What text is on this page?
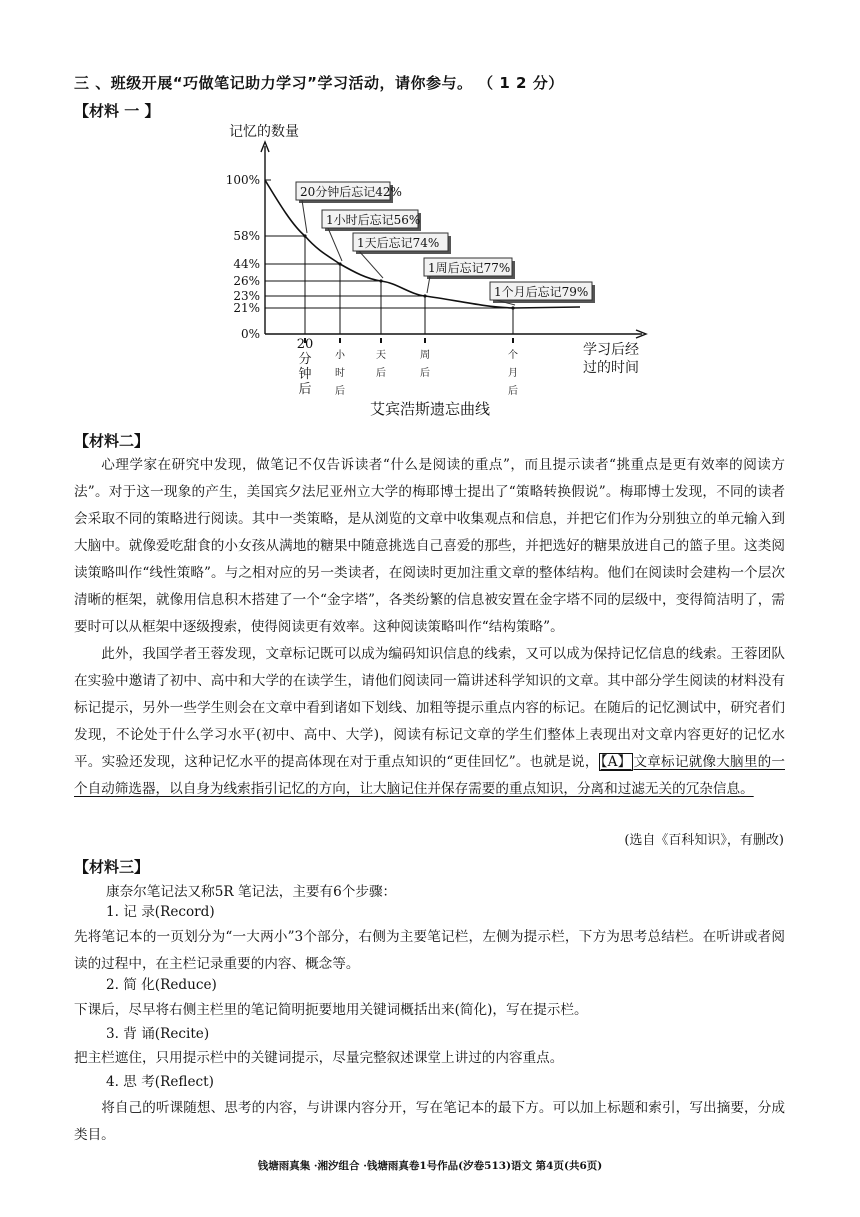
三 、班级开展“巧做笔记助力学习”学习活动，请你参与。 （ 1 2 分）
【材料 一 】
记忆的数量
学习后经
过的时间
100%
58%
44%
26%
23%
21%
0%
20
分
钟
后
小
时
后
天
后
周
后
个
月
后
20分钟后忘记42%
1小时后忘记56%
1天后忘记74%
1周后忘记77%
1个月后忘记79%
艾宾浩斯遗忘曲线
【材料二】

心理学家在研究中发现，做笔记不仅告诉读者“什么是阅读的重点”，而且提示读者“挑重点是更有效率的阅读方法”。对于这一现象的产生，美国宾夕法尼亚州立大学的梅耶博士提出了“策略转换假说”。梅耶博士发现，不同的读者会采取不同的策略进行阅读。其中一类策略，是从浏览的文章中收集观点和信息，并把它们作为分别独立的单元输入到大脑中。就像爱吃甜食的小女孩从满地的糖果中随意挑选自己喜爱的那些，并把选好的糖果放进自己的篮子里。这类阅读策略叫作“线性策略”。与之相对应的另一类读者，在阅读时更加注重文章的整体结构。他们在阅读时会建构一个层次清晰的框架，就像用信息积木搭建了一个“金字塔”，各类纷繁的信息被安置在金字塔不同的层级中，变得简洁明了，需要时可以从框架中逐级搜索，使得阅读更有效率。这种阅读策略叫作“结构策略”。

此外，我国学者王蓉发现，文章标记既可以成为编码知识信息的线索，又可以成为保持记忆信息的线索。王蓉团队在实验中邀请了初中、高中和大学的在读学生，请他们阅读同一篇讲述科学知识的文章。其中部分学生阅读的材料没有标记提示，另外一些学生则会在文章中看到诸如下划线、加粗等提示重点内容的标记。在随后的记忆测试中，研究者们发现，不论处于什么学习水平(初中、高中、大学)，阅读有标记文章的学生们整体上表现出对文章内容更好的记忆水平。实验还发现，这种记忆水平的提高体现在对于重点知识的“更佳回忆”。也就是说， 【A】 文章标记就像大脑里的一个自动筛选器，以自身为线索指引记忆的方向，让大脑记住并保存需要的重点知识，分离和过滤无关的冗杂信息。

(选自《百科知识》，有删改)
【材料三】
康奈尔笔记法又称5R 笔记法，主要有6个步骤：
1. 记 录(Record)
先将笔记本的一页划分为“一大两小”3个部分，右侧为主要笔记栏，左侧为提示栏，下方为思考总结栏。在听讲或者阅读的过程中，在主栏记录重要的内容、概念等。
2. 简 化(Reduce)
下课后，尽早将右侧主栏里的笔记简明扼要地用关键词概括出来(简化)，写在提示栏。
3. 背 诵(Recite)
把主栏遮住，只用提示栏中的关键词提示，尽量完整叙述课堂上讲过的内容重点。
4. 思 考(Reflect)
将自己的听课随想、思考的内容，与讲课内容分开，写在笔记本的最下方。可以加上标题和索引，写出摘要，分成类目。
钱塘雨真集 ·湘汐组合 ·钱塘雨真卷1号作品(汐卷513)语文 第4页(共6页)
